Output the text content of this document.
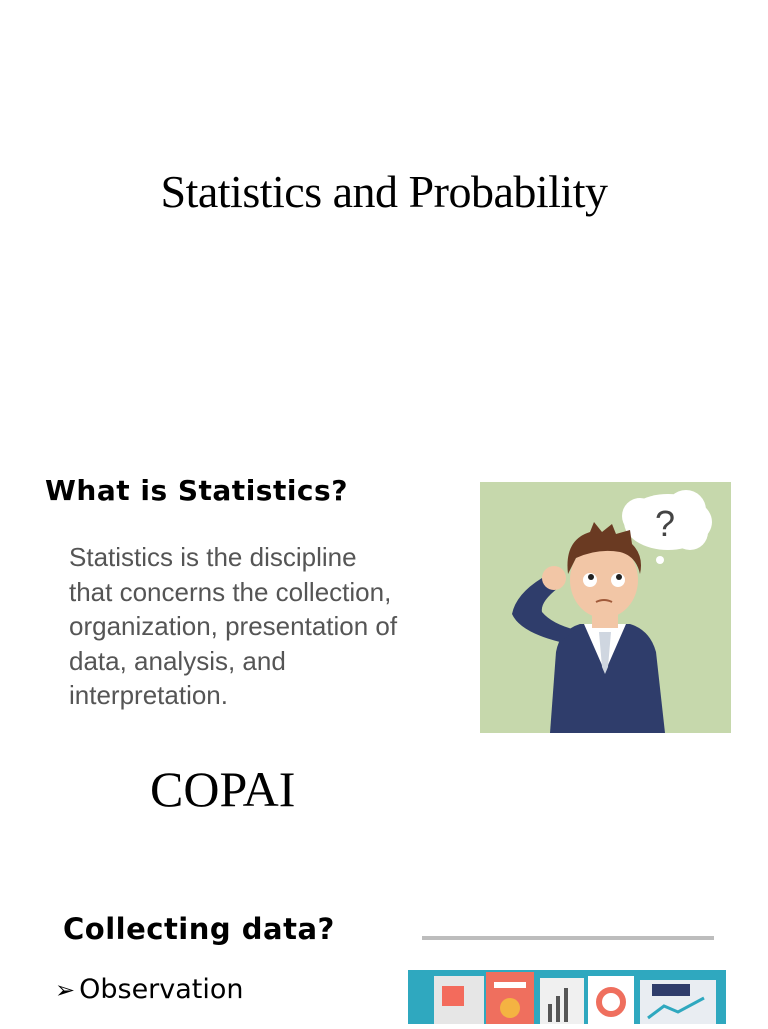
Statistics and Probability
What is Statistics?
Statistics is the discipline
that concerns the collection,
organization, presentation of
data, analysis, and
interpretation.
COPAI
?
Collecting data?
➢ Observation
